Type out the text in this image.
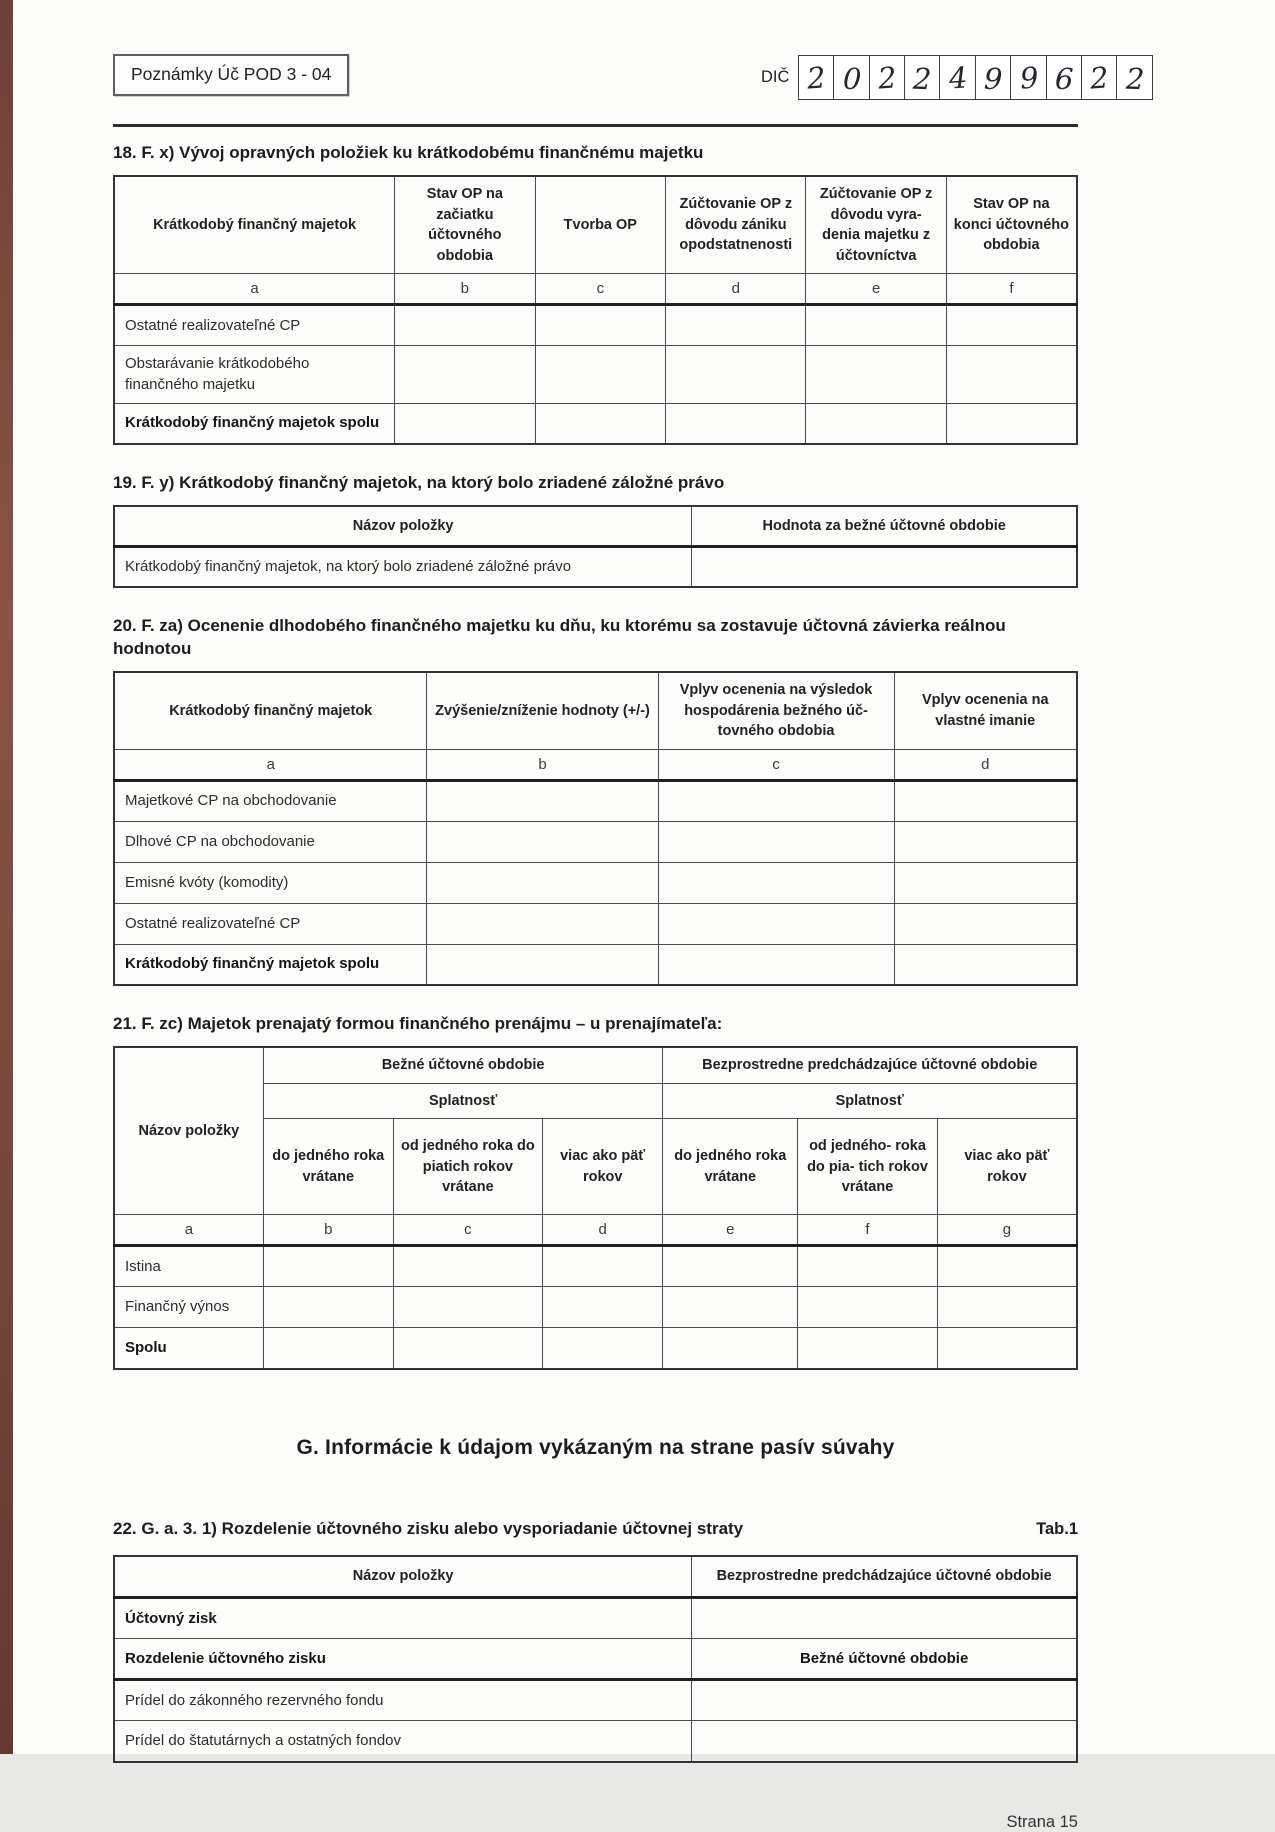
Poznámky Úč POD 3 - 04	DIČ 2 0 2 2 4 9 9 6 2 2
18. F. x) Vývoj opravných položiek ku krátkodobému finančnému majetku
Krátkodobý finančný majetok	Stav OP na začiatku účtovného obdobia	Tvorba OP	Zúčtovanie OP z dôvodu zániku opodstatnenosti	Zúčtovanie OP z dôvodu vyra-denia majetku z účtovníctva	Stav OP na konci účtovného obdobia
a	b	c	d	e	f
Ostatné realizovateľné CP					
Obstarávanie krátkodobého finančného majetku					
Krátkodobý finančný majetok spolu					
19. F. y) Krátkodobý finančný majetok, na ktorý bolo zriadené záložné právo
Názov položky	Hodnota za bežné účtovné obdobie
Krátkodobý finančný majetok, na ktorý bolo zriadené záložné právo	
20. F. za) Ocenenie dlhodobého finančného majetku ku dňu, ku ktorému sa zostavuje účtovná závierka reálnou hodnotou
Krátkodobý finančný majetok	Zvýšenie/zníženie hodnoty (+/-)	Vplyv ocenenia na výsledok hospodárenia bežného úč-tovného obdobia	Vplyv ocenenia na vlastné imanie
a	b	c	d
Majetkové CP na obchodovanie			
Dlhové CP na obchodovanie			
Emisné kvóty (komodity)			
Ostatné realizovateľné CP			
Krátkodobý finančný majetok spolu			
21. F. zc) Majetok prenajatý formou finančného prenájmu – u prenajímateľa:
Názov položky	Bežné účtovné obdobie			Bezprostredne predchádzajúce účtovné obdobie		
	Splatnosť			Splatnosť		
	do jedného roka vrátane	od jedného roka do piatich rokov vrátane	viac ako päť rokov	do jedného roka vrátane	od jedného- roka do pia- tich rokov vrátane	viac ako päť rokov
a	b	c	d	e	f	g
Istina						
Finančný výnos						
Spolu						
G. Informácie k údajom vykázaným na strane pasív súvahy
22. G. a. 3. 1) Rozdelenie účtovného zisku alebo vysporiadanie účtovnej straty	Tab.1
Názov položky	Bezprostredne predchádzajúce účtovné obdobie
Účtovný zisk	
Rozdelenie účtovného zisku	Bežné účtovné obdobie
Prídel do zákonného rezervného fondu	
Prídel do štatutárnych a ostatných fondov	
Strana 15
